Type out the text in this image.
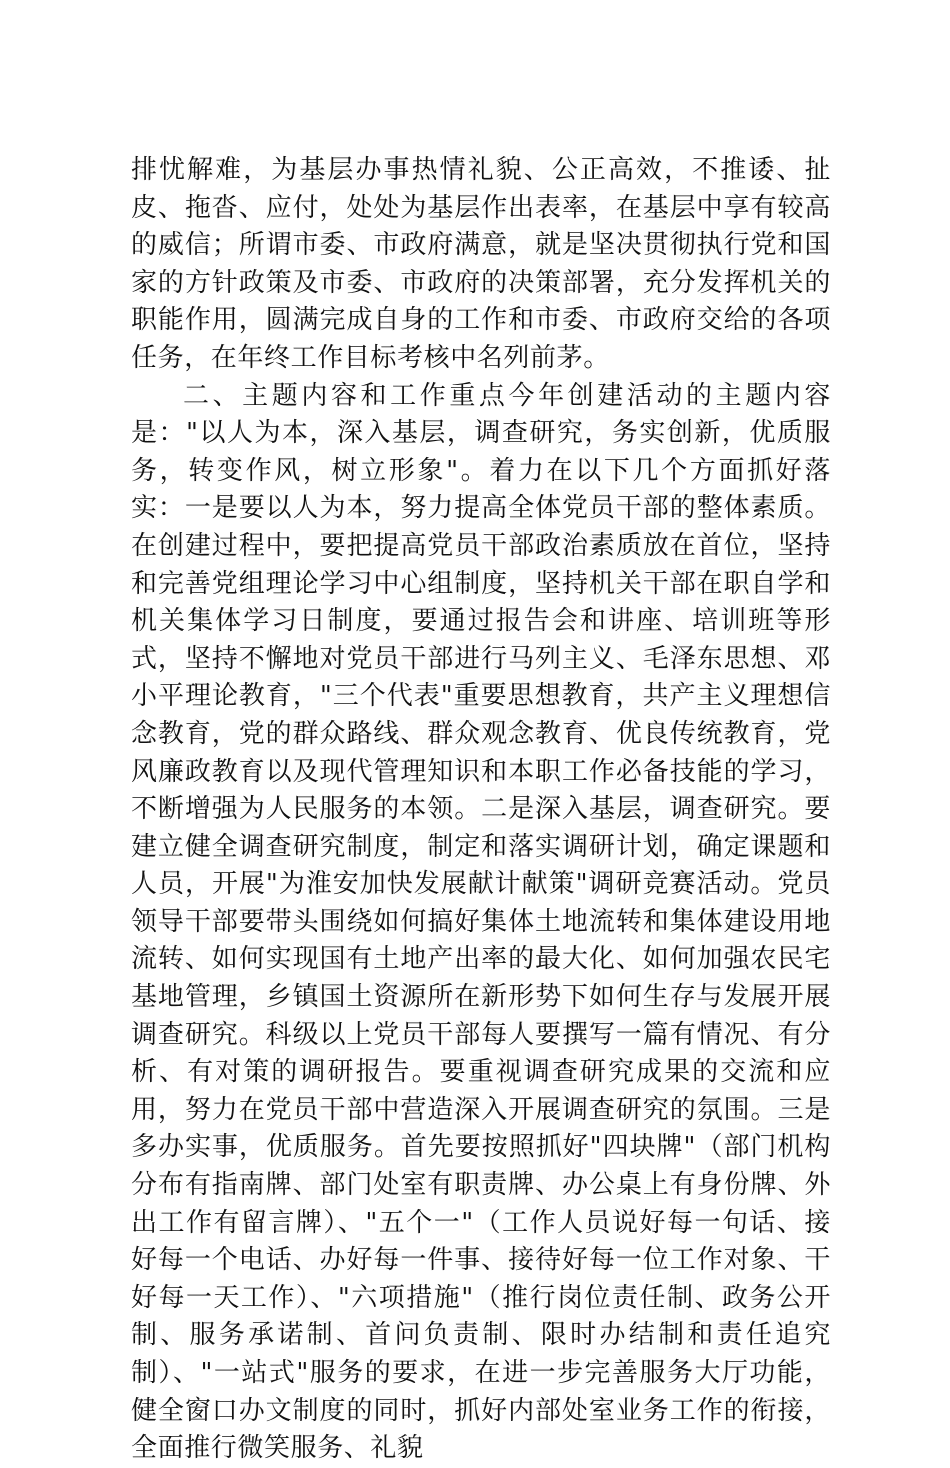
排忧解难，为基层办事热情礼貌、公正高效，不推诿、扯皮、拖沓、应付，处处为基层作出表率，在基层中享有较高的威信；所谓市委、市政府满意，就是坚决贯彻执行党和国家的方针政策及市委、市政府的决策部署，充分发挥机关的职能作用，圆满完成自身的工作和市委、市政府交给的各项任务，在年终工作目标考核中名列前茅。

二、主题内容和工作重点今年创建活动的主题内容是："以人为本，深入基层，调查研究，务实创新，优质服务，转变作风，树立形象"。着力在以下几个方面抓好落实：一是要以人为本，努力提高全体党员干部的整体素质。在创建过程中，要把提高党员干部政治素质放在首位，坚持和完善党组理论学习中心组制度，坚持机关干部在职自学和机关集体学习日制度，要通过报告会和讲座、培训班等形式，坚持不懈地对党员干部进行马列主义、毛泽东思想、邓小平理论教育，"三个代表"重要思想教育，共产主义理想信念教育，党的群众路线、群众观念教育、优良传统教育，党风廉政教育以及现代管理知识和本职工作必备技能的学习，不断增强为人民服务的本领。二是深入基层，调查研究。要建立健全调查研究制度，制定和落实调研计划，确定课题和人员，开展"为淮安加快发展献计献策"调研竞赛活动。党员领导干部要带头围绕如何搞好集体土地流转和集体建设用地流转、如何实现国有土地产出率的最大化、如何加强农民宅基地管理，乡镇国土资源所在新形势下如何生存与发展开展调查研究。科级以上党员干部每人要撰写一篇有情况、有分析、有对策的调研报告。要重视调查研究成果的交流和应用，努力在党员干部中营造深入开展调查研究的氛围。三是多办实事，优质服务。首先要按照抓好"四块牌"（部门机构分布有指南牌、部门处室有职责牌、办公桌上有身份牌、外出工作有留言牌）、"五个一"（工作人员说好每一句话、接好每一个电话、办好每一件事、接待好每一位工作对象、干好每一天工作）、"六项措施"（推行岗位责任制、政务公开制、服务承诺制、首问负责制、限时办结制和责任追究制）、"一站式"服务的要求，在进一步完善服务大厅功能，健全窗口办文制度的同时，抓好内部处室业务工作的衔接，全面推行微笑服务、礼貌
